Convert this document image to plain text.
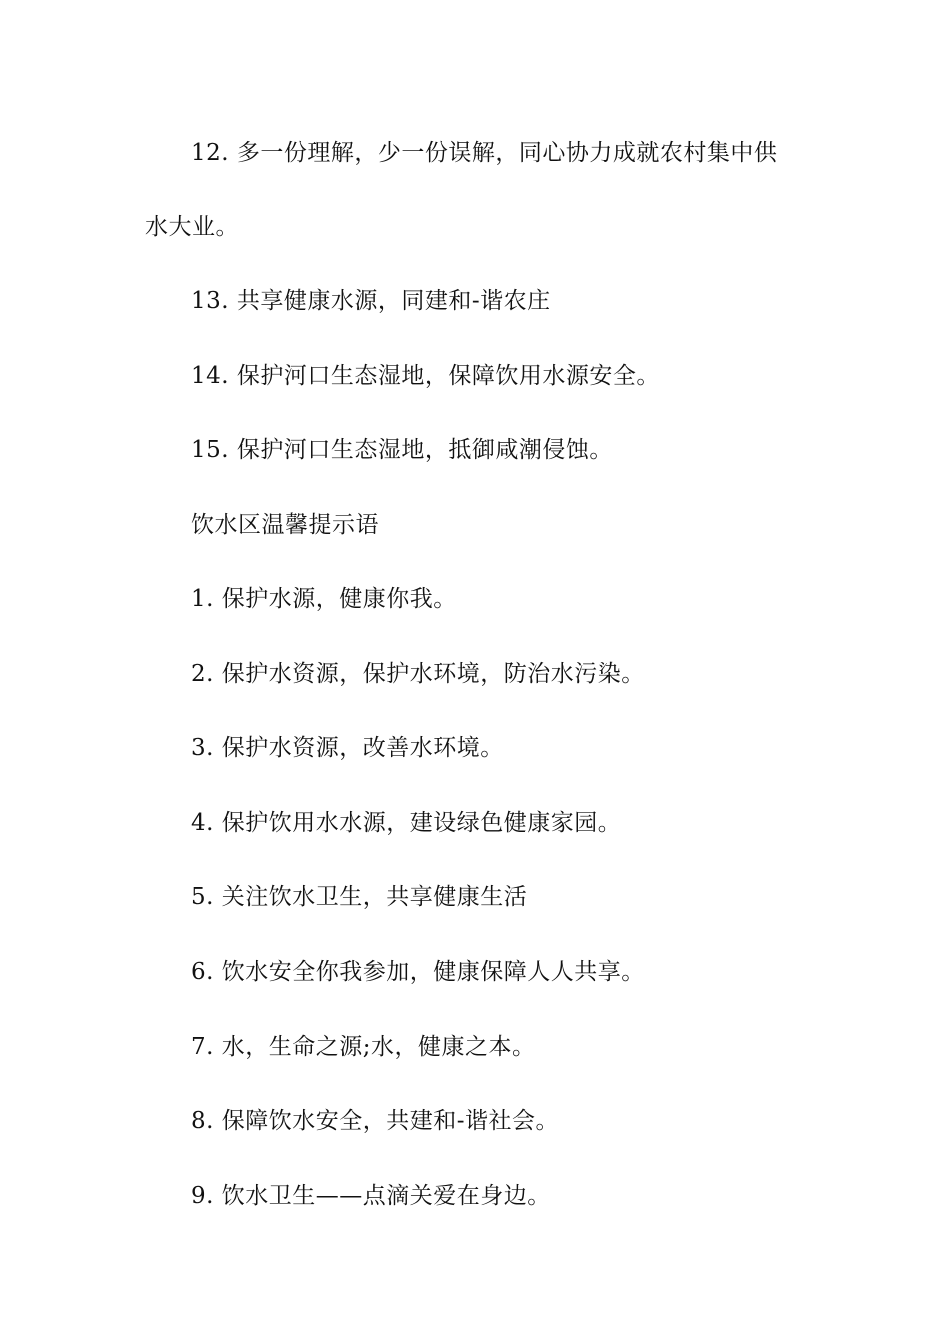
12. 多一份理解，少一份误解，同心协力成就农村集中供
水大业。
13. 共享健康水源，同建和-谐农庄
14. 保护河口生态湿地，保障饮用水源安全。
15. 保护河口生态湿地，抵御咸潮侵蚀。
饮水区温馨提示语
1. 保护水源，健康你我。
2. 保护水资源，保护水环境，防治水污染。
3. 保护水资源，改善水环境。
4. 保护饮用水水源，建设绿色健康家园。
5. 关注饮水卫生，共享健康生活
6. 饮水安全你我参加，健康保障人人共享。
7. 水，生命之源;水，健康之本。
8. 保障饮水安全，共建和-谐社会。
9. 饮水卫生——点滴关爱在身边。
